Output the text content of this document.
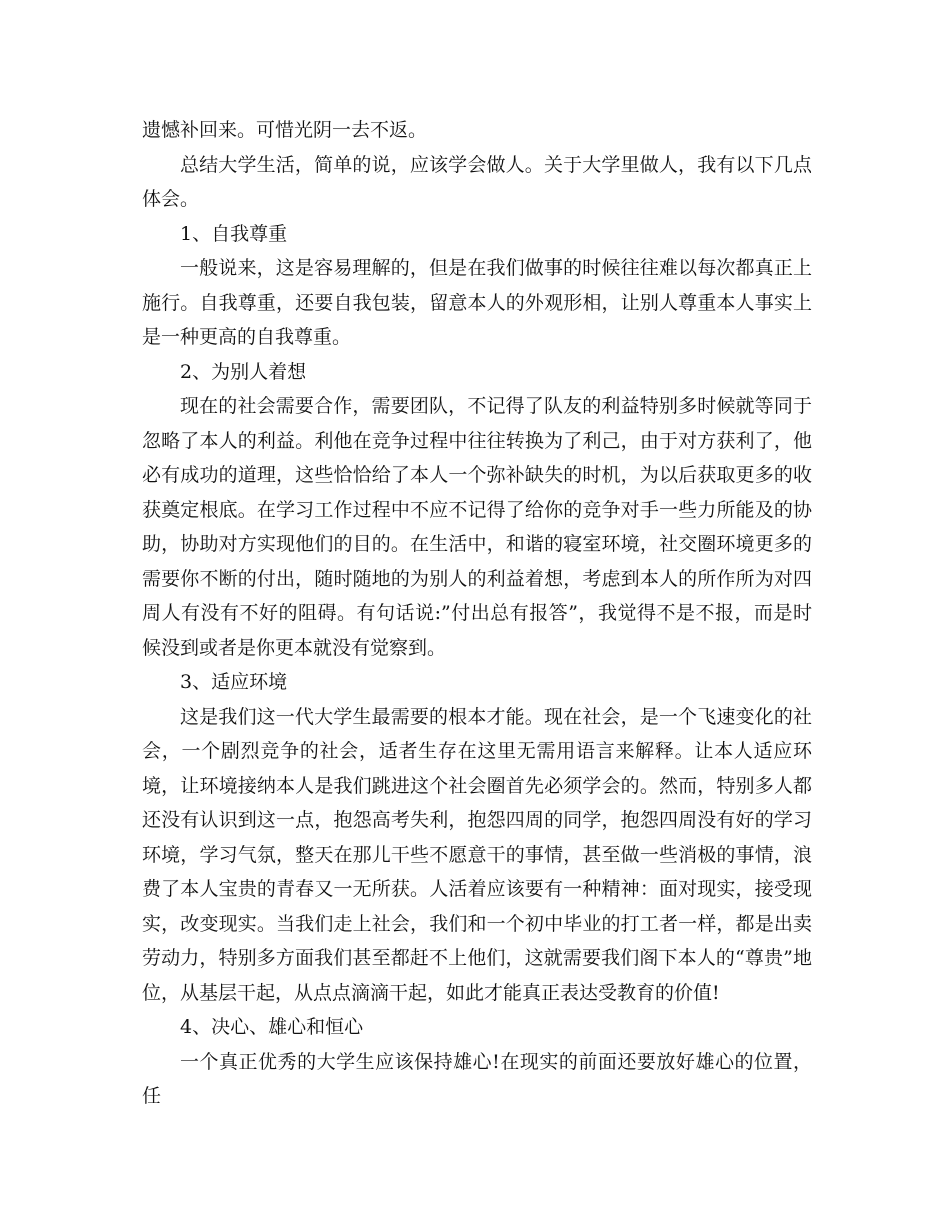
遗憾补回来。可惜光阴一去不返。

总结大学生活，简单的说，应该学会做人。关于大学里做人，我有以下几点体会。

1、自我尊重

一般说来，这是容易理解的，但是在我们做事的时候往往难以每次都真正上施行。自我尊重，还要自我包装，留意本人的外观形相，让别人尊重本人事实上是一种更高的自我尊重。

2、为别人着想

现在的社会需要合作，需要团队，不记得了队友的利益特别多时候就等同于忽略了本人的利益。利他在竞争过程中往往转换为了利己，由于对方获利了，他必有成功的道理，这些恰恰给了本人一个弥补缺失的时机，为以后获取更多的收获奠定根底。在学习工作过程中不应不记得了给你的竞争对手一些力所能及的协助，协助对方实现他们的目的。在生活中，和谐的寝室环境，社交圈环境更多的需要你不断的付出，随时随地的为别人的利益着想，考虑到本人的所作所为对四周人有没有不好的阻碍。有句话说:”付出总有报答”，我觉得不是不报，而是时候没到或者是你更本就没有觉察到。

3、适应环境

这是我们这一代大学生最需要的根本才能。现在社会，是一个飞速变化的社会，一个剧烈竞争的社会，适者生存在这里无需用语言来解释。让本人适应环境，让环境接纳本人是我们跳进这个社会圈首先必须学会的。然而，特别多人都还没有认识到这一点，抱怨高考失利，抱怨四周的同学，抱怨四周没有好的学习环境，学习气氛，整天在那儿干些不愿意干的事情，甚至做一些消极的事情，浪费了本人宝贵的青春又一无所获。人活着应该要有一种精神：面对现实，接受现实，改变现实。当我们走上社会，我们和一个初中毕业的打工者一样，都是出卖劳动力，特别多方面我们甚至都赶不上他们，这就需要我们阁下本人的“尊贵”地位，从基层干起，从点点滴滴干起，如此才能真正表达受教育的价值!

4、决心、雄心和恒心

一个真正优秀的大学生应该保持雄心!在现实的前面还要放好雄心的位置，任
